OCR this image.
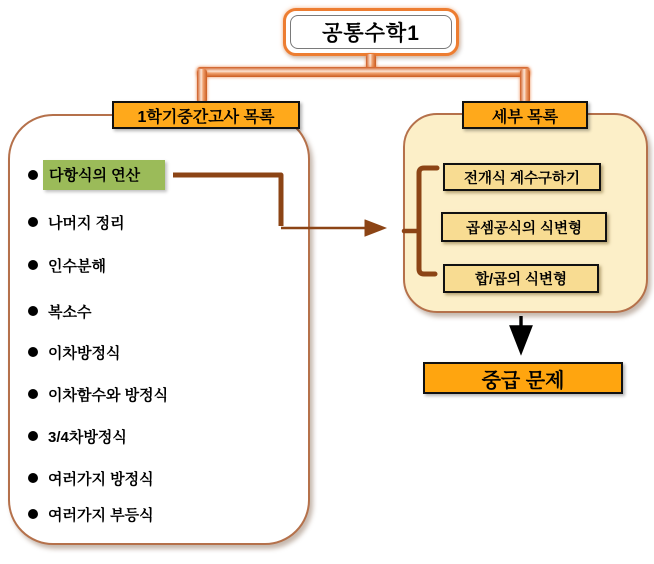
공통수학1
1학기중간고사 목록	세부 목록
다항식의 연산
나머지 정리
인수분해
복소수
이차방정식
이차함수와 방정식
3/4차방정식
여러가지 방정식
여러가지 부등식
전개식 계수구하기
곱셈공식의 식변형
합/곱의 식변형
중급 문제
